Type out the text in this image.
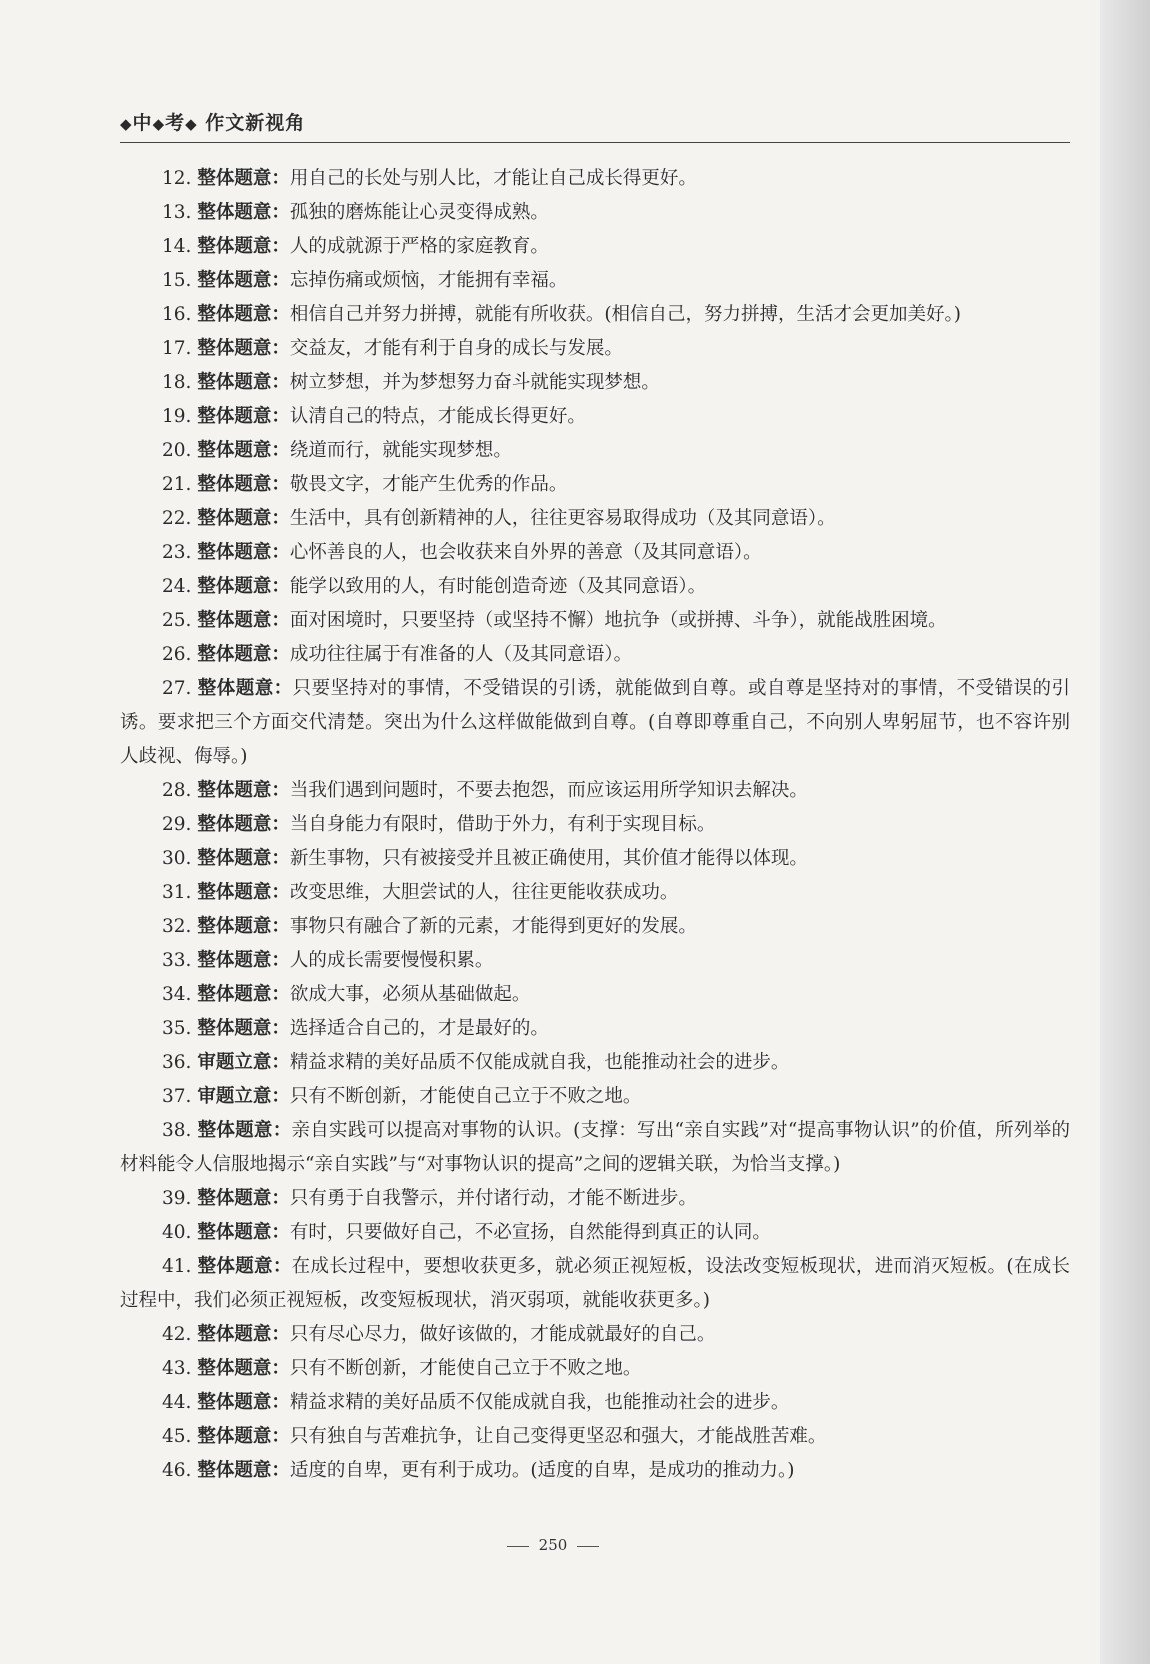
◆中◆考◆ 作文新视角

12. 整体题意：用自己的长处与别人比，才能让自己成长得更好。

13. 整体题意：孤独的磨炼能让心灵变得成熟。

14. 整体题意：人的成就源于严格的家庭教育。

15. 整体题意：忘掉伤痛或烦恼，才能拥有幸福。

16. 整体题意：相信自己并努力拼搏，就能有所收获。(相信自己，努力拼搏，生活才会更加美好。)

17. 整体题意：交益友，才能有利于自身的成长与发展。

18. 整体题意：树立梦想，并为梦想努力奋斗就能实现梦想。

19. 整体题意：认清自己的特点，才能成长得更好。

20. 整体题意：绕道而行，就能实现梦想。

21. 整体题意：敬畏文字，才能产生优秀的作品。

22. 整体题意：生活中，具有创新精神的人，往往更容易取得成功（及其同意语）。

23. 整体题意：心怀善良的人，也会收获来自外界的善意（及其同意语）。

24. 整体题意：能学以致用的人，有时能创造奇迹（及其同意语）。

25. 整体题意：面对困境时，只要坚持（或坚持不懈）地抗争（或拼搏、斗争），就能战胜困境。

26. 整体题意：成功往往属于有准备的人（及其同意语）。

27. 整体题意：只要坚持对的事情，不受错误的引诱，就能做到自尊。或自尊是坚持对的事情，不受错误的引诱。要求把三个方面交代清楚。突出为什么这样做能做到自尊。(自尊即尊重自己，不向别人卑躬屈节，也不容许别人歧视、侮辱。)

28. 整体题意：当我们遇到问题时，不要去抱怨，而应该运用所学知识去解决。

29. 整体题意：当自身能力有限时，借助于外力，有利于实现目标。

30. 整体题意：新生事物，只有被接受并且被正确使用，其价值才能得以体现。

31. 整体题意：改变思维，大胆尝试的人，往往更能收获成功。

32. 整体题意：事物只有融合了新的元素，才能得到更好的发展。

33. 整体题意：人的成长需要慢慢积累。

34. 整体题意：欲成大事，必须从基础做起。

35. 整体题意：选择适合自己的，才是最好的。

36. 审题立意：精益求精的美好品质不仅能成就自我，也能推动社会的进步。

37. 审题立意：只有不断创新，才能使自己立于不败之地。

38. 整体题意：亲自实践可以提高对事物的认识。(支撑：写出“亲自实践”对“提高事物认识”的价值，所列举的材料能令人信服地揭示“亲自实践”与“对事物认识的提高”之间的逻辑关联，为恰当支撑。)

39. 整体题意：只有勇于自我警示，并付诸行动，才能不断进步。

40. 整体题意：有时，只要做好自己，不必宣扬，自然能得到真正的认同。

41. 整体题意：在成长过程中，要想收获更多，就必须正视短板，设法改变短板现状，进而消灭短板。(在成长过程中，我们必须正视短板，改变短板现状，消灭弱项，就能收获更多。)

42. 整体题意：只有尽心尽力，做好该做的，才能成就最好的自己。

43. 整体题意：只有不断创新，才能使自己立于不败之地。

44. 整体题意：精益求精的美好品质不仅能成就自我，也能推动社会的进步。

45. 整体题意：只有独自与苦难抗争，让自己变得更坚忍和强大，才能战胜苦难。

46. 整体题意：适度的自卑，更有利于成功。(适度的自卑，是成功的推动力。)

250
